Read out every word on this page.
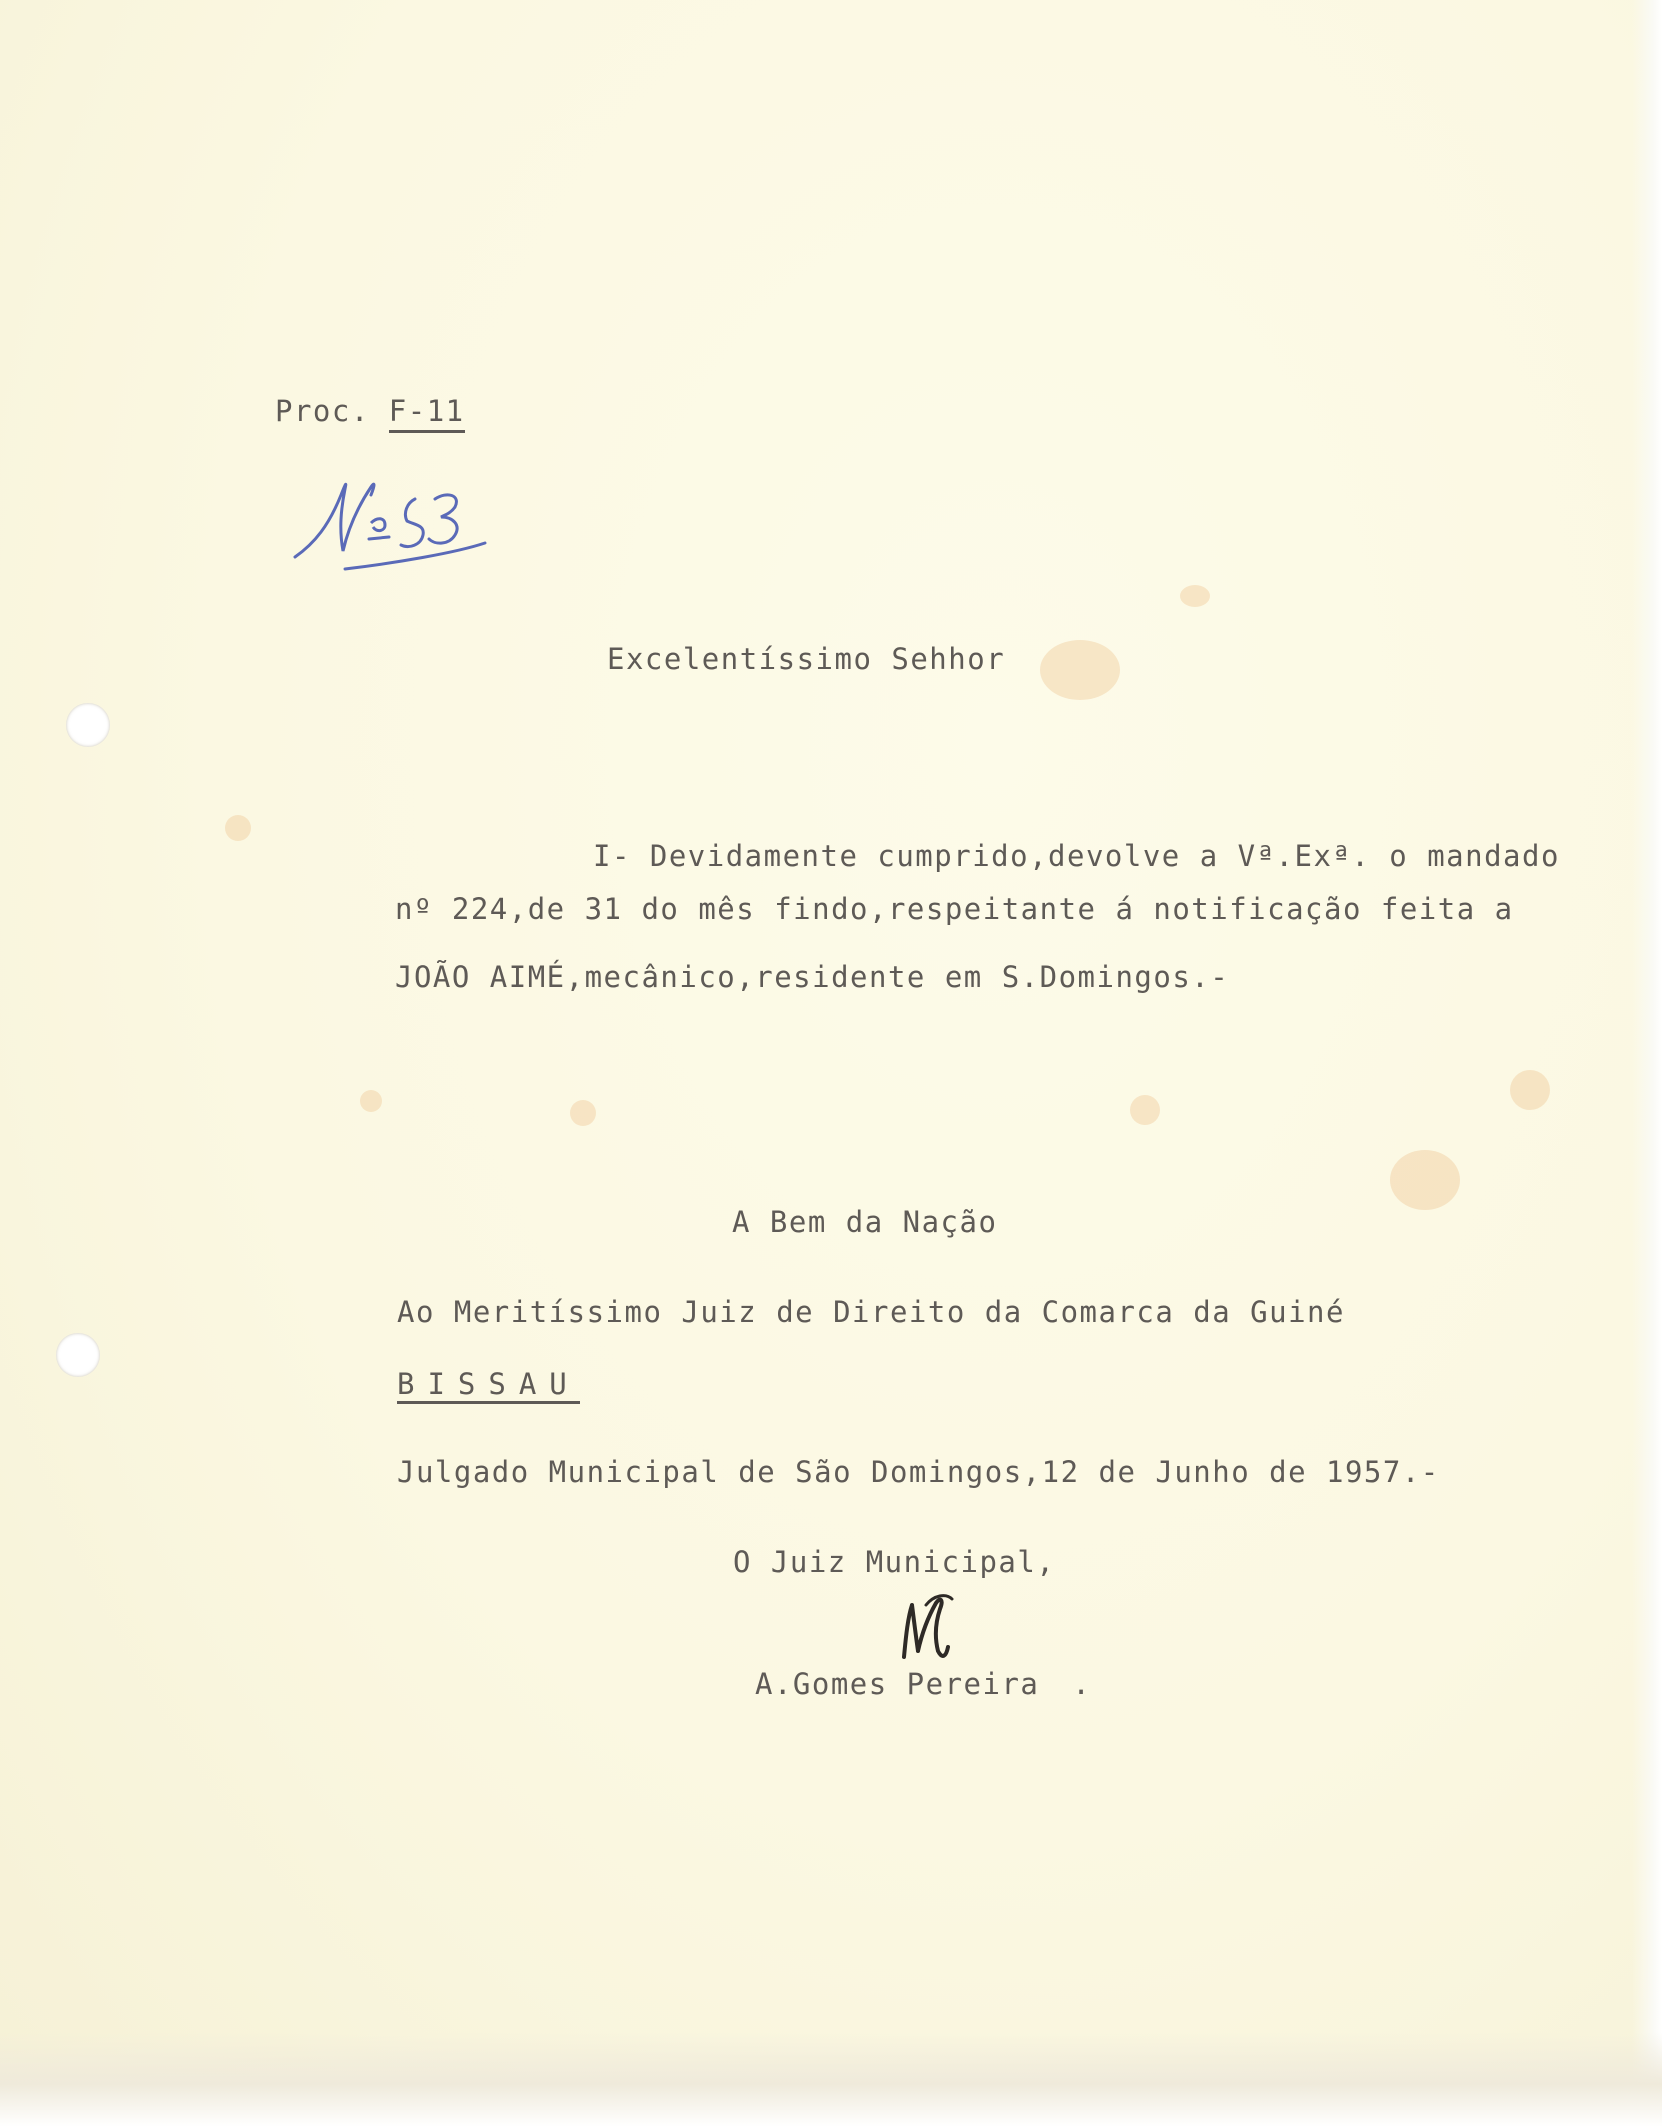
Proc. F-11
Nº 53
Excelentíssimo Sehhor
I- Devidamente cumprido,devolve a Vª.Exª. o mandado
nº 224,de 31 do mês findo,respeitante á notificação feita a
JOÃO AIMÉ,mecânico,residente em S.Domingos.-
A Bem da Nação
Ao Meritíssimo Juiz de Direito da Comarca da Guiné
BISSAU
Julgado Municipal de São Domingos,12 de Junho de 1957.-
O Juiz Municipal,
A.Gomes Pereira .
